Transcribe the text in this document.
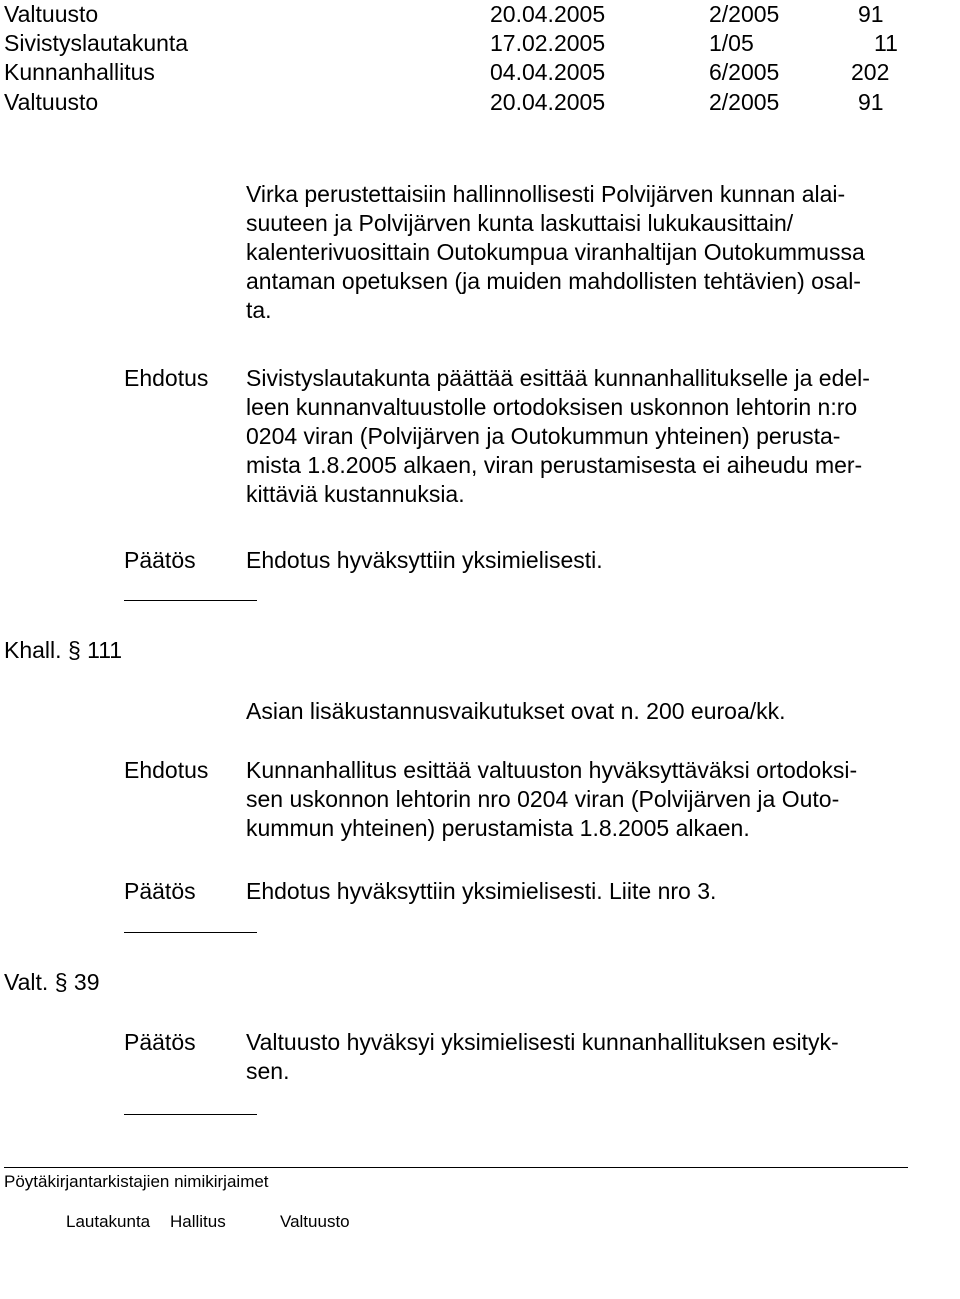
Valtuusto	20.04.2005	2/2005	91
Sivistyslautakunta	17.02.2005	1/05	11
Kunnanhallitus	04.04.2005	6/2005	202
Valtuusto	20.04.2005	2/2005	91
Virka perustettaisiin hallinnollisesti Polvijärven kunnan alai-
suuteen ja Polvijärven kunta laskuttaisi lukukausittain/
kalenterivuosittain Outokumpua viranhaltijan Outokummussa
antaman opetuksen (ja muiden mahdollisten tehtävien) osal-
ta.
Ehdotus Sivistyslautakunta päättää esittää kunnanhallitukselle ja edel-
leen kunnanvaltuustolle ortodoksisen uskonnon lehtorin n:ro
0204 viran (Polvijärven ja Outokummun yhteinen) perusta-
mista 1.8.2005 alkaen, viran perustamisesta ei aiheudu mer-
kittäviä kustannuksia.
Päätös Ehdotus hyväksyttiin yksimielisesti.
Khall. § 111
Asian lisäkustannusvaikutukset ovat n. 200 euroa/kk.
Ehdotus Kunnanhallitus esittää valtuuston hyväksyttäväksi ortodoksi-
sen uskonnon lehtorin nro 0204 viran (Polvijärven ja Outo-
kummun yhteinen) perustamista 1.8.2005 alkaen.
Päätös Ehdotus hyväksyttiin yksimielisesti. Liite nro 3.
Valt. § 39
Päätös Valtuusto hyväksyi yksimielisesti kunnanhallituksen esityk-
sen.
Pöytäkirjantarkistajien nimikirjaimet
Lautakunta Hallitus	Valtuusto
